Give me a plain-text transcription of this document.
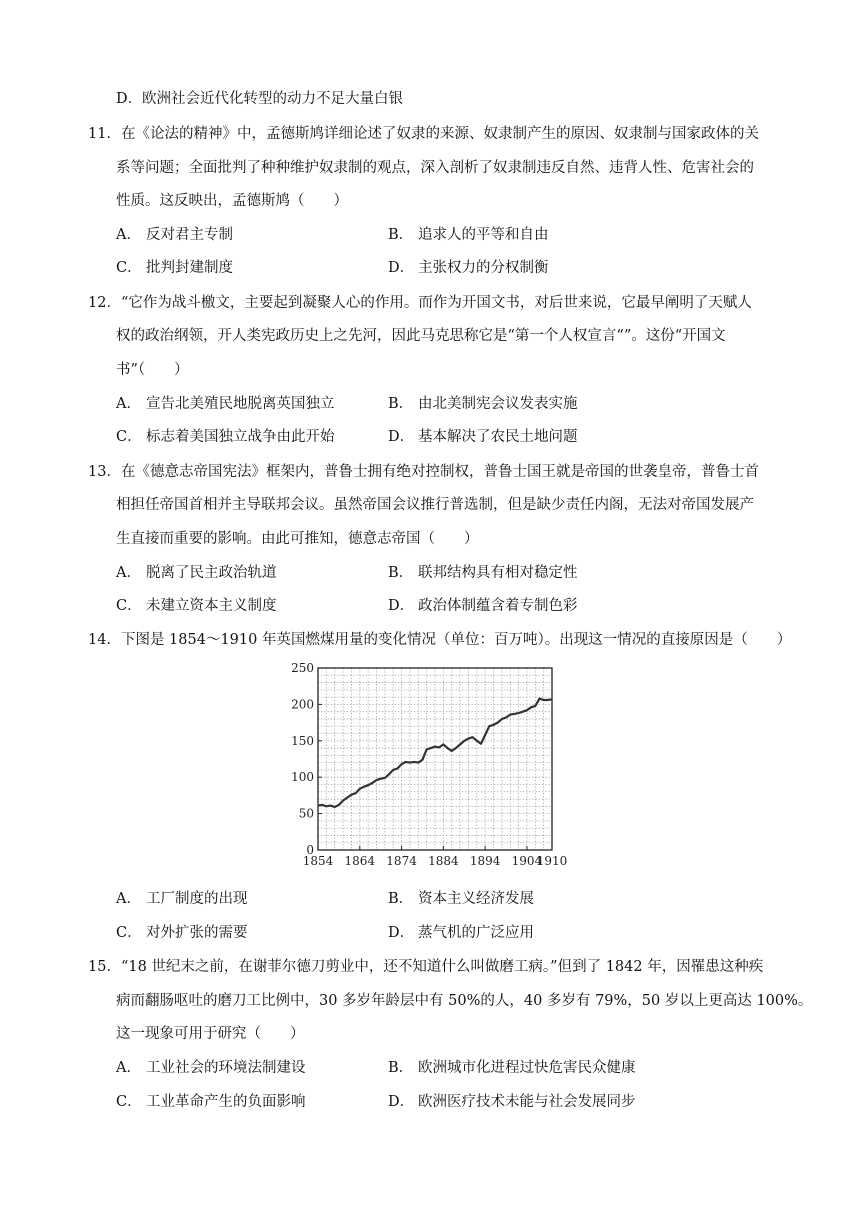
D． 欧洲社会近代化转型的动力不足大量白银
11．在《论法的精神》中，孟德斯鸠详细论述了奴隶的来源、奴隶制产生的原因、奴隶制与国家政体的关
系等问题；全面批判了种种维护奴隶制的观点，深入剖析了奴隶制违反自然、违背人性、危害社会的
性质。这反映出，孟德斯鸠（　　）
A． 反对君主专制	B． 追求人的平等和自由
C． 批判封建制度	D． 主张权力的分权制衡
12．“它作为战斗檄文，主要起到凝聚人心的作用。而作为开国文书，对后世来说，它最早阐明了天赋人
权的政治纲领，开人类宪政历史上之先河，因此马克思称它是“第一个人权宣言“”。这份“开国文
书”（　　）
A． 宣告北美殖民地脱离英国独立	B． 由北美制宪会议发表实施
C． 标志着美国独立战争由此开始	D． 基本解决了农民土地问题
13．在《德意志帝国宪法》框架内，普鲁士拥有绝对控制权，普鲁士国王就是帝国的世袭皇帝，普鲁士首
相担任帝国首相并主导联邦会议。虽然帝国会议推行普选制，但是缺少责任内阁，无法对帝国发展产
生直接而重要的影响。由此可推知，德意志帝国（　　）
A． 脱离了民主政治轨道	B． 联邦结构具有相对稳定性
C． 未建立资本主义制度	D． 政治体制蕴含着专制色彩
14．下图是 1854～1910 年英国燃煤用量的变化情况（单位：百万吨）。出现这一情况的直接原因是（　　）
250
200
150
100
50
0
1854 1864 1874 1884 1894 1904
1910
A． 工厂制度的出现	B． 资本主义经济发展
C． 对外扩张的需要	D． 蒸气机的广泛应用
15．“18 世纪末之前，在谢菲尔德刀剪业中，还不知道什么叫做磨工病。”但到了 1842 年，因罹患这种疾
病而翻肠呕吐的磨刀工比例中，30 多岁年龄层中有 50%的人，40 多岁有 79%，50 岁以上更高达 100%。
这一现象可用于研究（　　）
A． 工业社会的环境法制建设	B． 欧洲城市化进程过快危害民众健康
C． 工业革命产生的负面影响	D． 欧洲医疗技术未能与社会发展同步
